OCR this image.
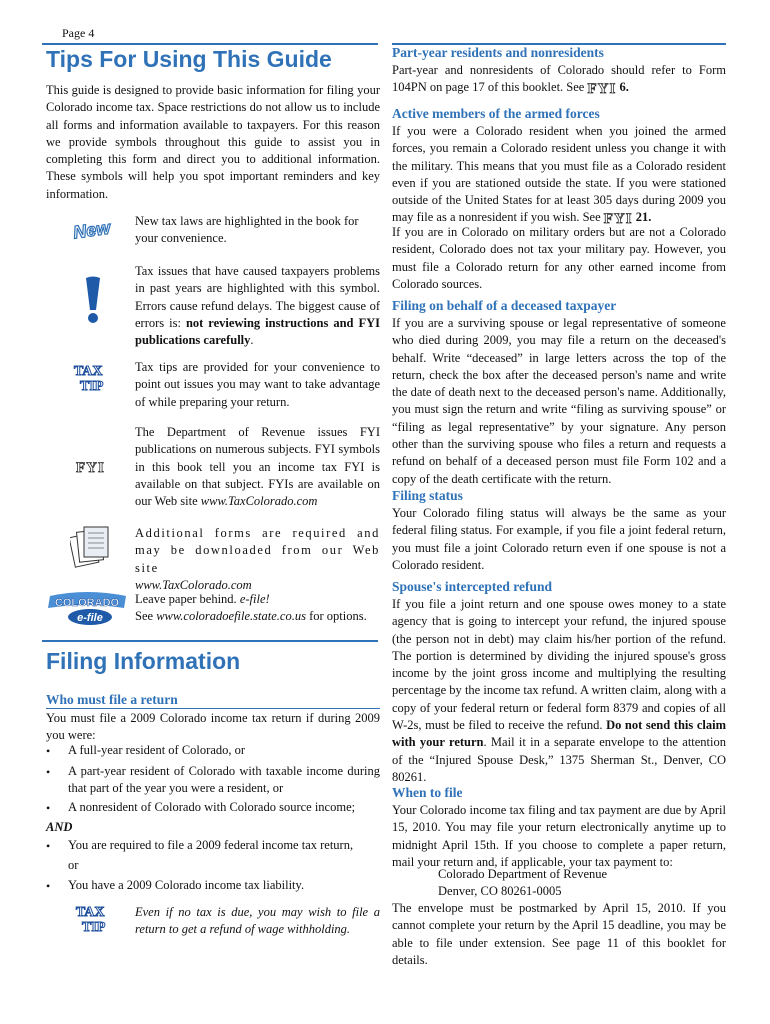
Page 4
Tips For Using This Guide
This guide is designed to provide basic information for filing your Colorado income tax. Space restrictions do not allow us to include all forms and information available to taxpayers. For this reason we provide symbols throughout this guide to assist you in completing this form and direct you to additional information. These symbols will help you spot important reminders and key information.
New New tax laws are highlighted in the book for your convenience.
Tax issues that have caused taxpayers problems in past years are highlighted with this symbol. Errors cause refund delays. The biggest cause of errors is: not reviewing instructions and FYI publications carefully.
TAX
TIP
Tax tips are provided for your convenience to point out issues you may want to take advantage of while preparing your return.
FYI
The Department of Revenue issues FYI publications on numerous subjects. FYI symbols in this book tell you an income tax FYI is available on that subject. FYIs are available on our Web site www.TaxColorado.com
Additional forms are required and may be downloaded from our Web site
www.TaxColorado.com
COLORADO
e-file
Leave paper behind. e-file!
See www.coloradoefile.state.co.us for options.
Filing Information
Who must file a return
You must file a 2009 Colorado income tax return if during 2009 you were:
• A full-year resident of Colorado, or
• A part-year resident of Colorado with taxable income during that part of the year you were a resident, or
• A nonresident of Colorado with Colorado source income;
AND
• You are required to file a 2009 federal income tax return,
or
• You have a 2009 Colorado income tax liability.
TAX
TIP
Even if no tax is due, you may wish to file a return to get a refund of wage withholding.
Part-year residents and nonresidents
Part-year and nonresidents of Colorado should refer to Form 104PN on page 17 of this booklet. See FYI 6.
Active members of the armed forces
If you were a Colorado resident when you joined the armed forces, you remain a Colorado resident unless you change it with the military. This means that you must file as a Colorado resident even if you are stationed outside the state. If you were stationed outside of the United States for at least 305 days during 2009 you may file as a nonresident if you wish. See FYI 21.
If you are in Colorado on military orders but are not a Colorado resident, Colorado does not tax your military pay. However, you must file a Colorado return for any other earned income from Colorado sources.
Filing on behalf of a deceased taxpayer
If you are a surviving spouse or legal representative of someone who died during 2009, you may file a return on the deceased's behalf. Write “deceased” in large letters across the top of the return, check the box after the deceased person's name and write the date of death next to the deceased person's name. Additionally, you must sign the return and write “filing as surviving spouse” or “filing as legal representative” by your signature. Any person other than the surviving spouse who files a return and requests a refund on behalf of a deceased person must file Form 102 and a copy of the death certificate with the return.
Filing status
Your Colorado filing status will always be the same as your federal filing status. For example, if you file a joint federal return, you must file a joint Colorado return even if one spouse is not a Colorado resident.
Spouse's intercepted refund
If you file a joint return and one spouse owes money to a state agency that is going to intercept your refund, the injured spouse (the person not in debt) may claim his/her portion of the refund. The portion is determined by dividing the injured spouse's gross income by the joint gross income and multiplying the resulting percentage by the income tax refund. A written claim, along with a copy of your federal return or federal form 8379 and copies of all W-2s, must be filed to receive the refund. Do not send this claim with your return. Mail it in a separate envelope to the attention of the “Injured Spouse Desk,” 1375 Sherman St., Denver, CO 80261.
When to file
Your Colorado income tax filing and tax payment are due by April 15, 2010. You may file your return electronically anytime up to midnight April 15th. If you choose to complete a paper return, mail your return and, if applicable, your tax payment to:
Colorado Department of Revenue
Denver, CO 80261-0005
The envelope must be postmarked by April 15, 2010. If you cannot complete your return by the April 15 deadline, you may be able to file under extension. See page 11 of this booklet for details.
